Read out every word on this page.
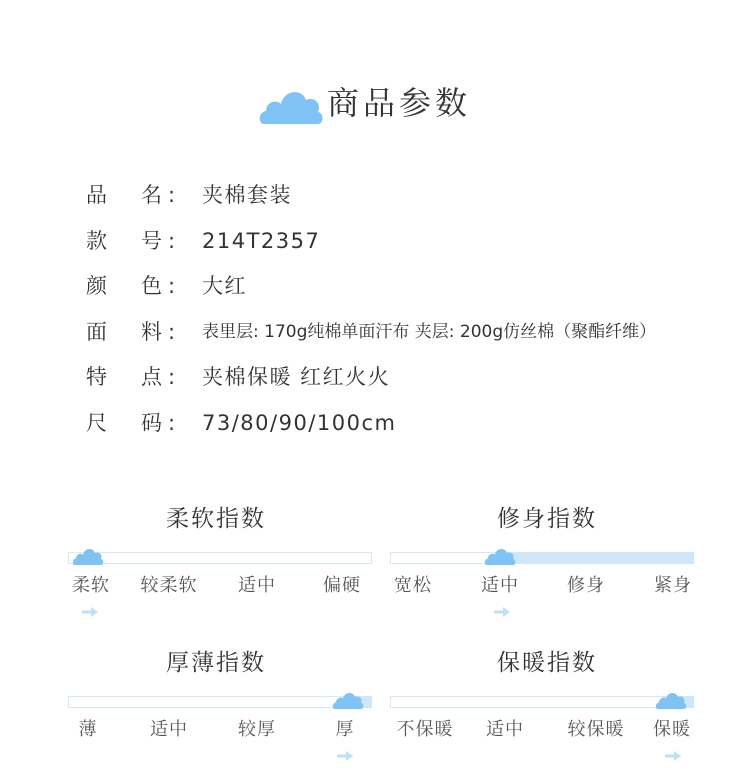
商品参数
品 名 : 夹棉套装
款 号 : 214T2357
颜 色 : 大红
面 料 : 表里层: 170g纯棉单面汗布 夹层: 200g仿丝棉（聚酯纤维）
特 点 : 夹棉保暖 红红火火
尺 码 : 73/80/90/100cm
柔软指数
柔软	较柔软	适中	偏硬
修身指数
宽松	适中	修身	紧身
厚薄指数
薄	适中	较厚	厚
保暖指数
不保暖	适中	较保暖	保暖
